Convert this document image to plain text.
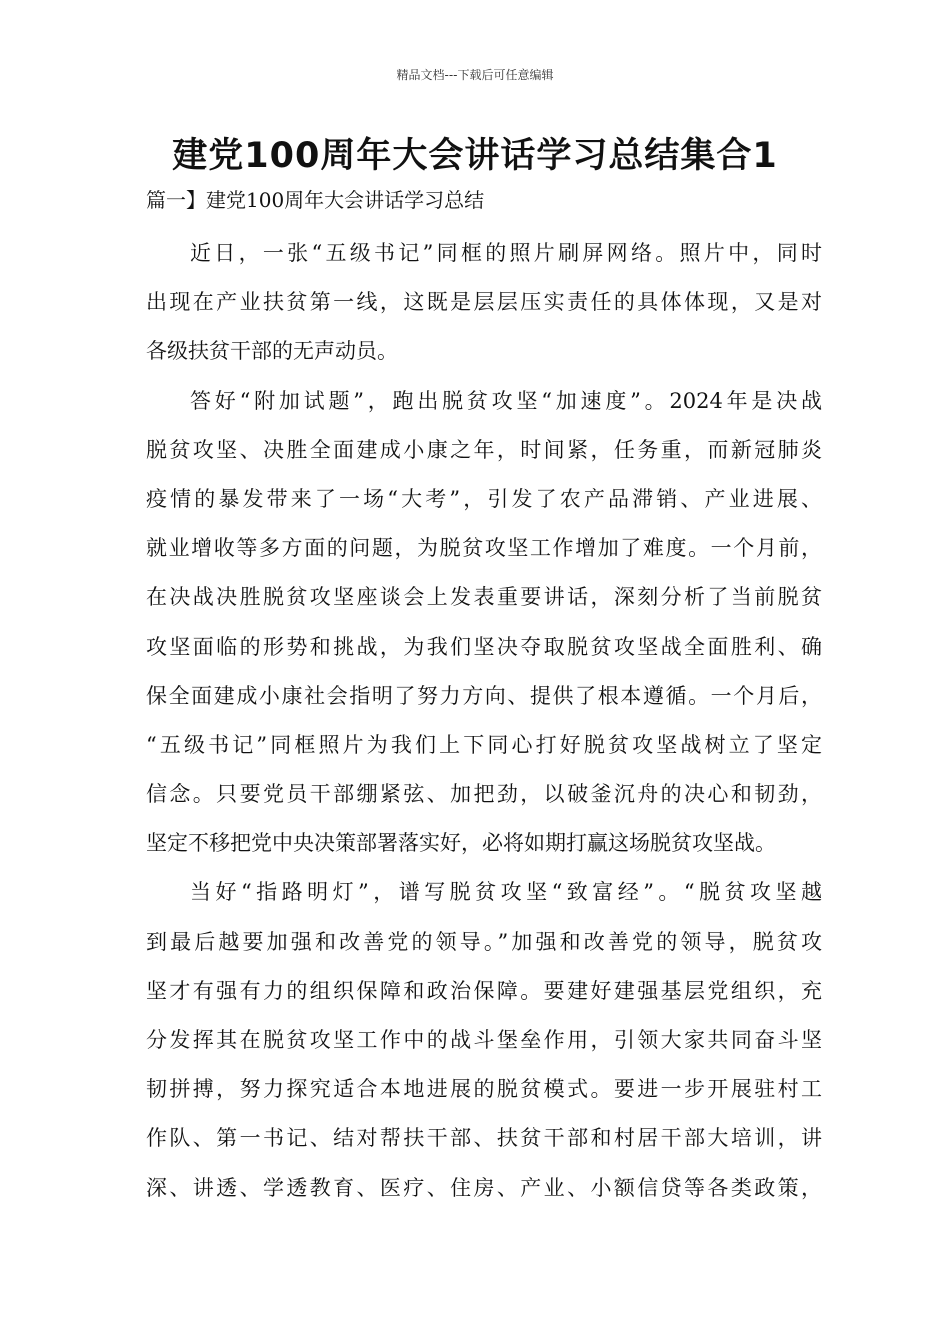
精品文档---下载后可任意编辑
建党100周年大会讲话学习总结集合1
篇一】建党100周年大会讲话学习总结
近日，一张“五级书记”同框的照片刷屏网络。照片中，同时
出现在产业扶贫第一线，这既是层层压实责任的具体体现，又是对
各级扶贫干部的无声动员。
答好“附加试题”，跑出脱贫攻坚“加速度”。2024年是决战
脱贫攻坚、决胜全面建成小康之年，时间紧，任务重，而新冠肺炎
疫情的暴发带来了一场“大考”，引发了农产品滞销、产业进展、
就业增收等多方面的问题，为脱贫攻坚工作增加了难度。一个月前，
在决战决胜脱贫攻坚座谈会上发表重要讲话，深刻分析了当前脱贫
攻坚面临的形势和挑战，为我们坚决夺取脱贫攻坚战全面胜利、确
保全面建成小康社会指明了努力方向、提供了根本遵循。一个月后，
“五级书记”同框照片为我们上下同心打好脱贫攻坚战树立了坚定
信念。只要党员干部绷紧弦、加把劲，以破釜沉舟的决心和韧劲，
坚定不移把党中央决策部署落实好，必将如期打赢这场脱贫攻坚战。
当好“指路明灯”，谱写脱贫攻坚“致富经”。“脱贫攻坚越
到最后越要加强和改善党的领导。”加强和改善党的领导，脱贫攻
坚才有强有力的组织保障和政治保障。要建好建强基层党组织，充
分发挥其在脱贫攻坚工作中的战斗堡垒作用，引领大家共同奋斗坚
韧拼搏，努力探究适合本地进展的脱贫模式。要进一步开展驻村工
作队、第一书记、结对帮扶干部、扶贫干部和村居干部大培训，讲
深、讲透、学透教育、医疗、住房、产业、小额信贷等各类政策，
